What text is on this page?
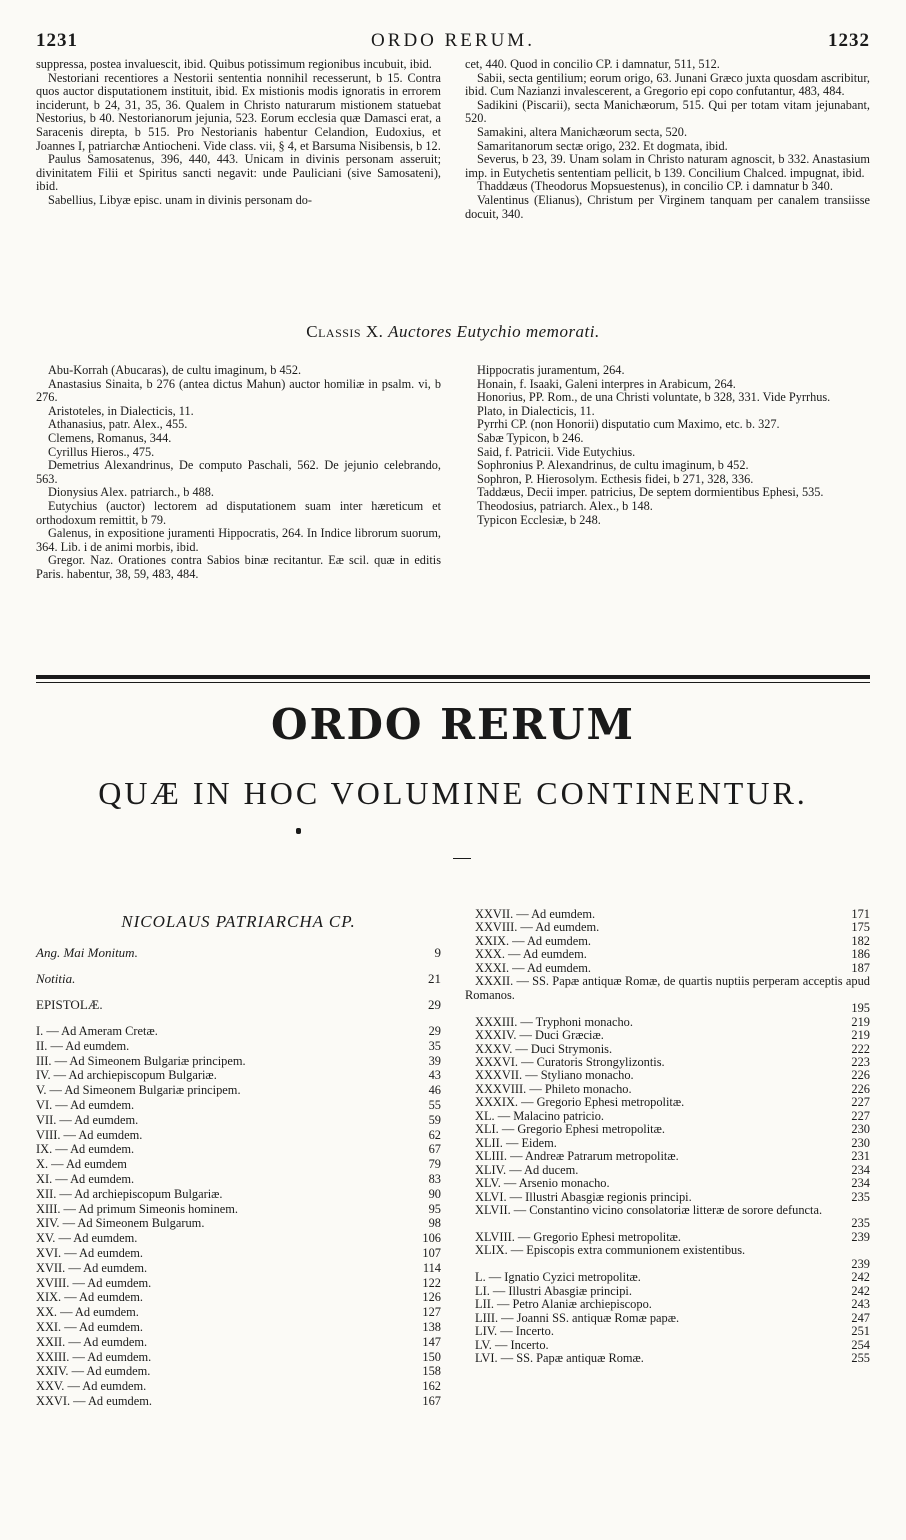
1231	ORDO RERUM.	1232

suppressa, postea invaluescit, ibid. Quibus potissimum regionibus incubuit, ibid.

Nestoriani recentiores a Nestorii sententia nonnihil recesserunt, b 15. Contra quos auctor disputationem instituit, ibid. Ex mistionis modis ignoratis in errorem inciderunt, b 24, 31, 35, 36. Qualem in Christo naturarum mistionem statuebat Nestorius, b 40. Nestorianorum jejunia, 523. Eorum ecclesia quæ Damasci erat, a Saracenis direpta, b 515. Pro Nestorianis habentur Celandion, Eudoxius, et Joannes I, patriarchæ Antiocheni. Vide class. vii, § 4, et Barsuma Nisibensis, b 12.

Paulus Samosatenus, 396, 440, 443. Unicam in divinis personam asseruit; divinitatem Filii et Spiritus sancti negavit: unde Pauliciani (sive Samosateni), ibid.

Sabellius, Libyæ episc. unam in divinis personam do-

cet, 440. Quod in concilio CP. i damnatur, 511, 512.

Sabii, secta gentilium; eorum origo, 63. Junani Græco juxta quosdam ascribitur, ibid. Cum Nazianzi invalescerent, a Gregorio epi copo confutantur, 483, 484.

Sadikini (Piscarii), secta Manichæorum, 515. Qui per totam vitam jejunabant, 520.

Samakini, altera Manichæorum secta, 520.

Samaritanorum sectæ origo, 232. Et dogmata, ibid.

Severus, b 23, 39. Unam solam in Christo naturam agnoscit, b 332. Anastasium imp. in Eutychetis sententiam pellicit, b 139. Concilium Chalced. impugnat, ibid.

Thaddæus (Theodorus Mopsuestenus), in concilio CP. i damnatur b 340.

Valentinus (Elianus), Christum per Virginem tanquam per canalem transiisse docuit, 340.

Classis X. Auctores Eutychio memorati.

Abu-Korrah (Abucaras), de cultu imaginum, b 452.

Anastasius Sinaita, b 276 (antea dictus Mahun) auctor homiliæ in psalm. vi, b 276.

Aristoteles, in Dialecticis, 11.

Athanasius, patr. Alex., 455.

Clemens, Romanus, 344.

Cyrillus Hieros., 475.

Demetrius Alexandrinus, De computo Paschali, 562. De jejunio celebrando, 563.

Dionysius Alex. patriarch., b 488.

Eutychius (auctor) lectorem ad disputationem suam inter hæreticum et orthodoxum remittit, b 79.

Galenus, in expositione juramenti Hippocratis, 264. In Indice librorum suorum, 364. Lib. i de animi morbis, ibid.

Gregor. Naz. Orationes contra Sabios binæ recitantur. Eæ scil. quæ in editis Paris. habentur, 38, 59, 483, 484.

Hippocratis juramentum, 264.

Honain, f. Isaaki, Galeni interpres in Arabicum, 264.

Honorius, PP. Rom., de una Christi voluntate, b 328, 331. Vide Pyrrhus.

Plato, in Dialecticis, 11.

Pyrrhi CP. (non Honorii) disputatio cum Maximo, etc. b. 327.

Sabæ Typicon, b 246.

Said, f. Patricii. Vide Eutychius.

Sophronius P. Alexandrinus, de cultu imaginum, b 452.

Sophron, P. Hierosolym. Ecthesis fidei, b 271, 328, 336.

Taddæus, Decii imper. patricius, De septem dormientibus Ephesi, 535.

Theodosius, patriarch. Alex., b 148.

Typicon Ecclesiæ, b 248.

ORDO RERUM
QUÆ IN HOC VOLUMINE CONTINENTUR.
NICOLAUS PATRIARCHA CP.
Ang. Mai Monitum.	9
Notitia.	21
EPISTOLÆ.	29
I. — Ad Ameram Cretæ.	29
II. — Ad eumdem.	35
III. — Ad Simeonem Bulgariæ principem.	39
IV. — Ad archiepiscopum Bulgariæ.	43
V. — Ad Simeonem Bulgariæ principem.	46
VI. — Ad eumdem.	55
VII. — Ad eumdem.	59
VIII. — Ad eumdem.	62
IX. — Ad eumdem.	67
X. — Ad eumdem	79
XI. — Ad eumdem.	83
XII. — Ad archiepiscopum Bulgariæ.	90
XIII. — Ad primum Simeonis hominem.	95
XIV. — Ad Simeonem Bulgarum.	98
XV. — Ad eumdem.	106
XVI. — Ad eumdem.	107
XVII. — Ad eumdem.	114
XVIII. — Ad eumdem.	122
XIX. — Ad eumdem.	126
XX. — Ad eumdem.	127
XXI. — Ad eumdem.	138
XXII. — Ad eumdem.	147
XXIII. — Ad eumdem.	150
XXIV. — Ad eumdem.	158
XXV. — Ad eumdem.	162
XXVI. — Ad eumdem.	167
XXVII. — Ad eumdem.	171
XXVIII. — Ad eumdem.	175
XXIX. — Ad eumdem.	182
XXX. — Ad eumdem.	186
XXXI. — Ad eumdem.	187
XXXII. — SS. Papæ antiquæ Romæ, de quartis nuptiis perperam acceptis apud Romanos.
195
XXXIII. — Tryphoni monacho.	219
XXXIV. — Duci Græciæ.	219
XXXV. — Duci Strymonis.	222
XXXVI. — Curatoris Strongylizontis.	223
XXXVII. — Styliano monacho.	226
XXXVIII. — Phileto monacho.	226
XXXIX. — Gregorio Ephesi metropolitæ.	227
XL. — Malacino patricio.	227
XLI. — Gregorio Ephesi metropolitæ.	230
XLII. — Eidem.	230
XLIII. — Andreæ Patrarum metropolitæ.	231
XLIV. — Ad ducem.	234
XLV. — Arsenio monacho.	234
XLVI. — Illustri Abasgiæ regionis principi.	235
XLVII. — Constantino vicino consolatoriæ litteræ de sorore defuncta.
235
XLVIII. — Gregorio Ephesi metropolitæ.	239
XLIX. — Episcopis extra communionem existentibus.
239
L. — Ignatio Cyzici metropolitæ.	242
LI. — Illustri Abasgiæ principi.	242
LII. — Petro Alaniæ archiepiscopo.	243
LIII. — Joanni SS. antiquæ Romæ papæ.	247
LIV. — Incerto.	251
LV. — Incerto.	254
LVI. — SS. Papæ antiquæ Romæ.	255
